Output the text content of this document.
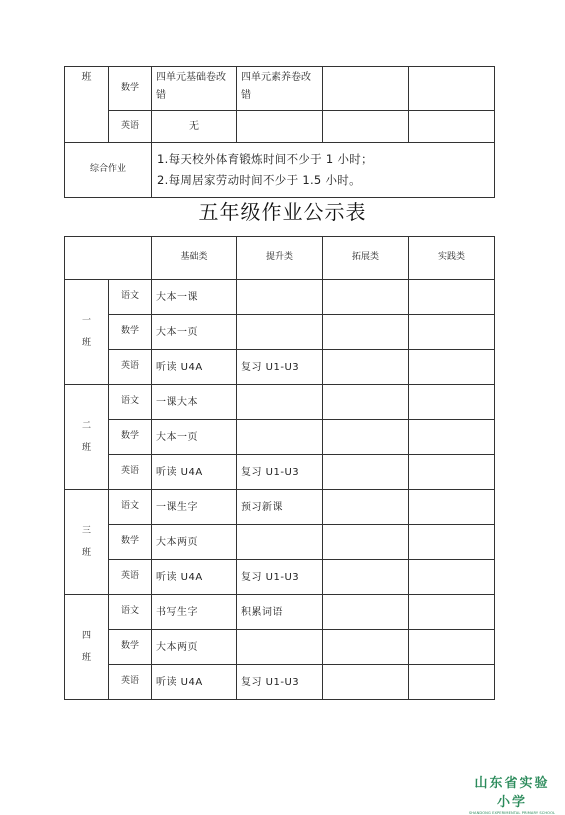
班	数学	四单元基础卷改错	四单元素养卷改错		
	英语	无			
综合作业		1.每天校外体育锻炼时间不少于 1 小时；
2.每周居家劳动时间不少于 1.5 小时。			
五年级作业公示表
		基础类	提升类	拓展类	实践类

一
班	语文	大本一课			
	数学	大本一页			
	英语	听读 U4A	复习 U1-U3		

二
班	语文	一课大本			
	数学	大本一页			
	英语	听读 U4A	复习 U1-U3		

三
班	语文	一课生字	预习新课		
	数学	大本两页			
	英语	听读 U4A	复习 U1-U3		

四
班	语文	书写生字	积累词语		
	数学	大本两页			
	英语	听读 U4A	复习 U1-U3		
山东省实验小学
SHANDONG EXPERIMENTAL PRIMARY SCHOOL
